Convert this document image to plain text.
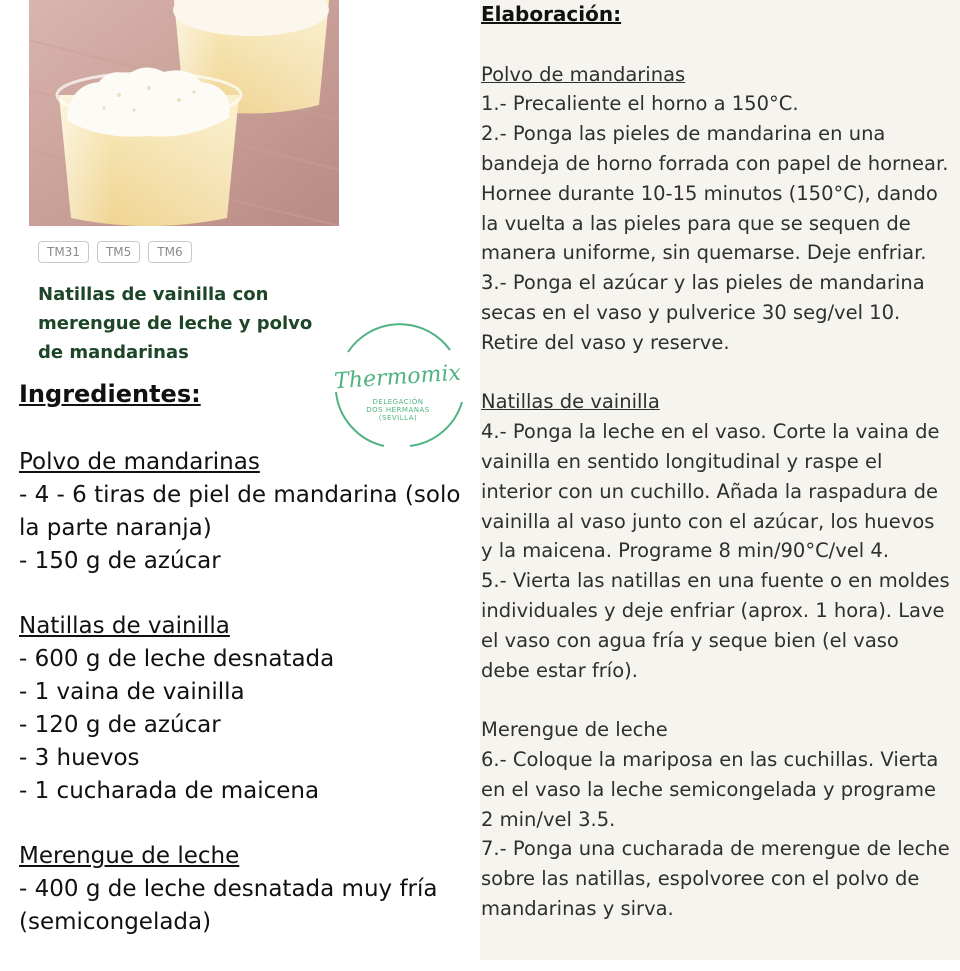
TM31	TM5	TM6
Natillas de vainilla con merengue de leche y polvo de mandarinas
Thermomix
DELEGACIÓN
DOS HERMANAS
(SEVILLA)
Ingredientes:
Polvo de mandarinas
- 4 - 6 tiras de piel de mandarina (solo la parte naranja)
- 150 g de azúcar
Natillas de vainilla
- 600 g de leche desnatada
- 1 vaina de vainilla
- 120 g de azúcar
- 3 huevos
- 1 cucharada de maicena
Merengue de leche
- 400 g de leche desnatada muy fría (semicongelada)
Elaboración:
Polvo de mandarinas

1.- Precaliente el horno a 150°C.

2.- Ponga las pieles de mandarina en una bandeja de horno forrada con papel de hornear. Hornee durante 10-15 minutos (150°C), dando la vuelta a las pieles para que se sequen de manera uniforme, sin quemarse. Deje enfriar.

3.- Ponga el azúcar y las pieles de mandarina secas en el vaso y pulverice 30 seg/vel 10. Retire del vaso y reserve.

Natillas de vainilla

4.- Ponga la leche en el vaso. Corte la vaina de vainilla en sentido longitudinal y raspe el interior con un cuchillo. Añada la raspadura de vainilla al vaso junto con el azúcar, los huevos y la maicena. Programe 8 min/90°C/vel 4.

5.- Vierta las natillas en una fuente o en moldes individuales y deje enfriar (aprox. 1 hora). Lave el vaso con agua fría y seque bien (el vaso debe estar frío).

Merengue de leche

6.- Coloque la mariposa en las cuchillas. Vierta en el vaso la leche semicongelada y programe 2 min/vel 3.5.

7.- Ponga una cucharada de merengue de leche sobre las natillas, espolvoree con el polvo de mandarinas y sirva.
